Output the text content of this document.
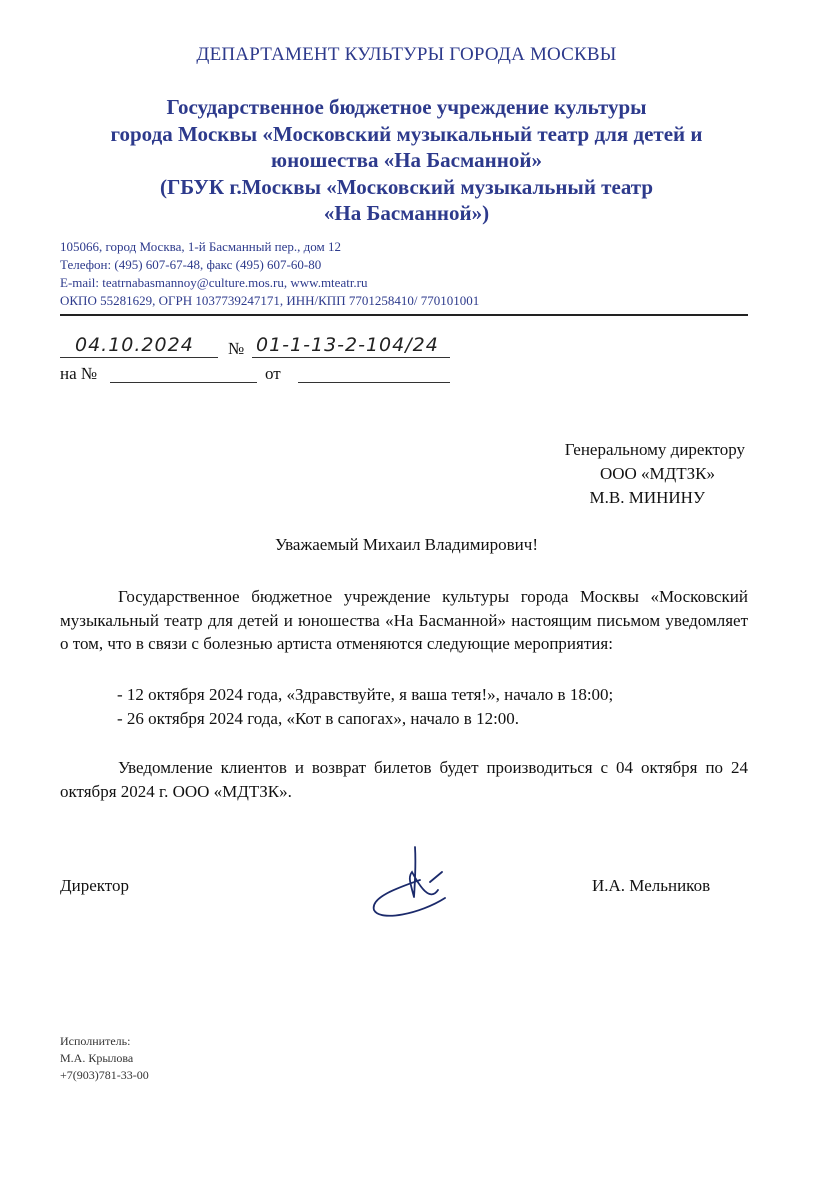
ДЕПАРТАМЕНТ КУЛЬТУРЫ ГОРОДА МОСКВЫ
Государственное бюджетное учреждение культуры
города Москвы «Московский музыкальный театр для детей и
юношества «На Басманной»
(ГБУК г.Москвы «Московский музыкальный театр
«На Басманной»)
105066, город Москва, 1-й Басманный пер., дом 12
Телефон: (495) 607-67-48, факс (495) 607-60-80
E-mail: teatrnabasmannoy@culture.mos.ru, www.mteatr.ru
ОКПО 55281629, ОГРН 1037739247171, ИНН/КПП 7701258410/ 770101001
04.10.2024 № 01-1-13-2-104/24
на №	от
Генеральному директору
ООО «МДТЗК»
М.В. МИНИНУ
Уважаемый Михаил Владимирович!
Государственное бюджетное учреждение культуры города Москвы «Московский музыкальный театр для детей и юношества «На Басманной» настоящим письмом уведомляет о том, что в связи с болезнью артиста отменяются следующие мероприятия:
- 12 октября 2024 года, «Здравствуйте, я ваша тетя!», начало в 18:00;
- 26 октября 2024 года, «Кот в сапогах», начало в 12:00.
Уведомление клиентов и возврат билетов будет производиться с 04 октября по 24 октября 2024 г. ООО «МДТЗК».
Директор	И.А. Мельников
Исполнитель:
М.А. Крылова
+7(903)781-33-00
